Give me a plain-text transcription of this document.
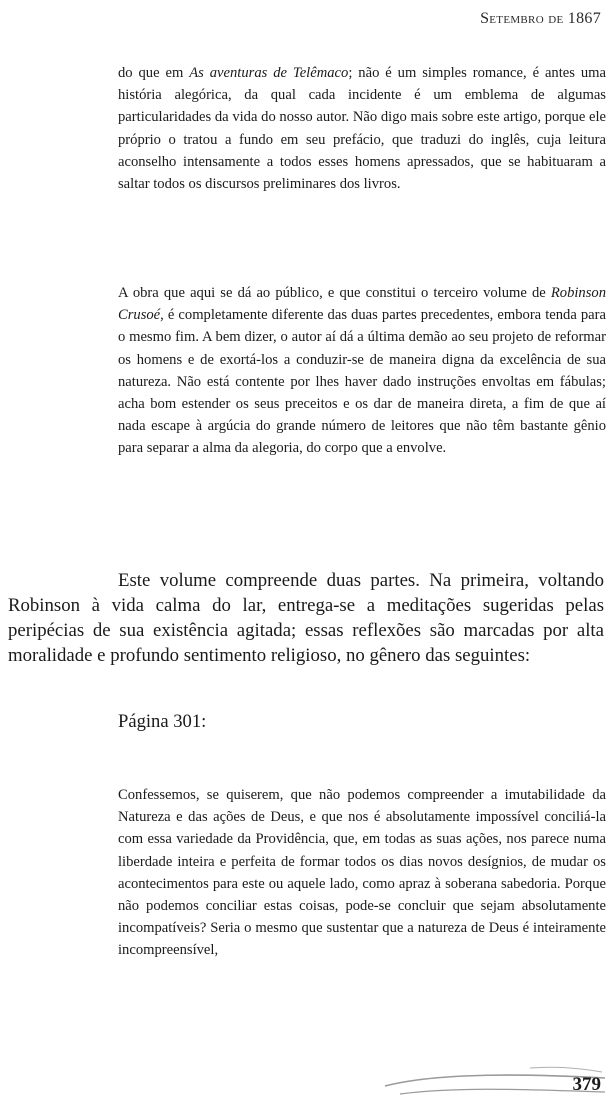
Setembro de 1867

do que em As aventuras de Telêmaco; não é um simples romance, é antes uma história alegórica, da qual cada incidente é um emblema de algumas particularidades da vida do nosso autor. Não digo mais sobre este artigo, porque ele próprio o tratou a fundo em seu prefácio, que traduzi do inglês, cuja leitura aconselho intensamente a todos esses homens apressados, que se habituaram a saltar todos os discursos preliminares dos livros.

A obra que aqui se dá ao público, e que constitui o terceiro volume de Robinson Crusoé, é completamente diferente das duas partes precedentes, embora tenda para o mesmo fim. A bem dizer, o autor aí dá a última demão ao seu projeto de reformar os homens e de exortá-los a conduzir-se de maneira digna da excelência de sua natureza. Não está contente por lhes haver dado instruções envoltas em fábulas; acha bom estender os seus preceitos e os dar de maneira direta, a fim de que aí nada escape à argúcia do grande número de leitores que não têm bastante gênio para separar a alma da alegoria, do corpo que a envolve.

Este volume compreende duas partes. Na primeira, voltando Robinson à vida calma do lar, entrega-se a meditações sugeridas pelas peripécias de sua existência agitada; essas reflexões são marcadas por alta moralidade e profundo sentimento religioso, no gênero das seguintes:

Página 301:

Confessemos, se quiserem, que não podemos compreender a imutabilidade da Natureza e das ações de Deus, e que nos é absolutamente impossível conciliá-la com essa variedade da Providência, que, em todas as suas ações, nos parece numa liberdade inteira e perfeita de formar todos os dias novos desígnios, de mudar os acontecimentos para este ou aquele lado, como apraz à soberana sabedoria. Porque não podemos conciliar estas coisas, pode-se concluir que sejam absolutamente incompatíveis? Seria o mesmo que sustentar que a natureza de Deus é inteiramente incompreensível,

379
